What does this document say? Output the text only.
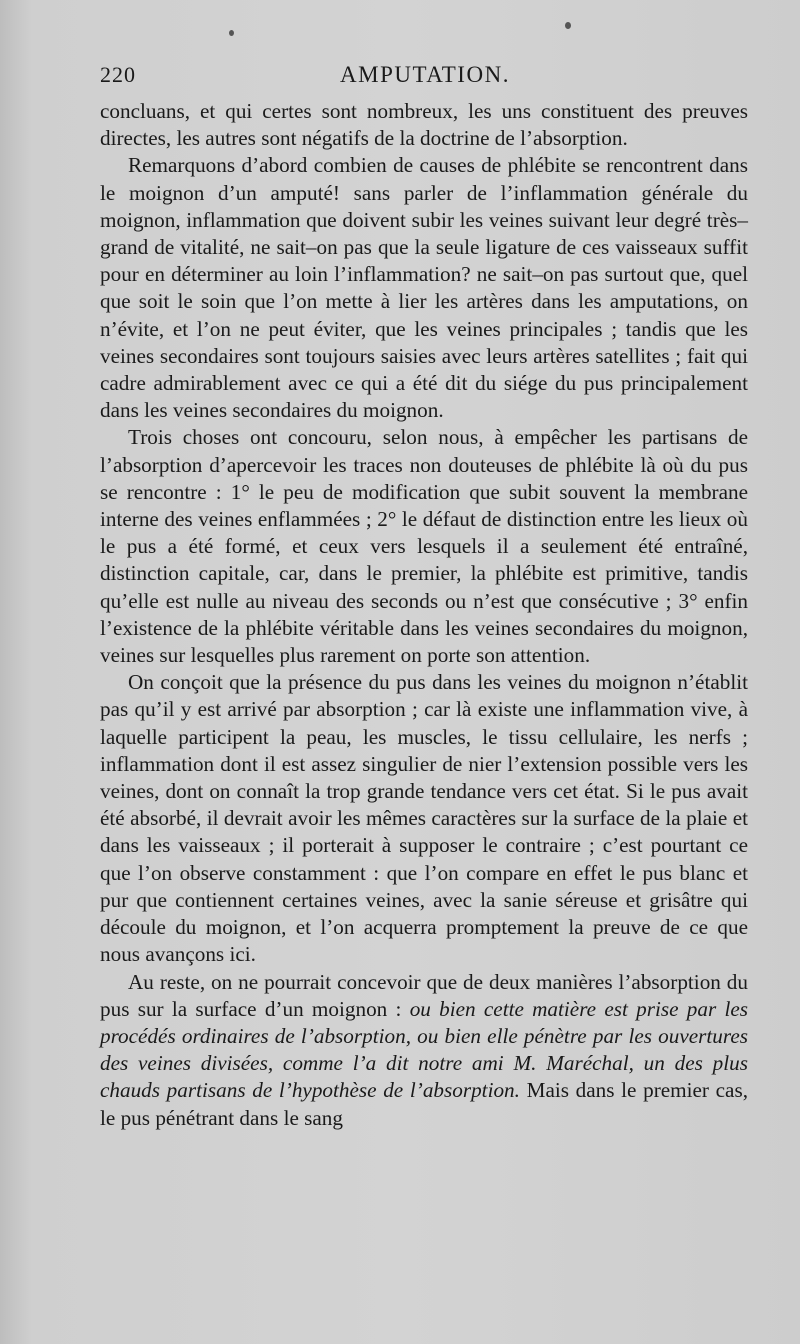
220	AMPUTATION.

concluans, et qui certes sont nombreux, les uns constituent des preuves directes, les autres sont négatifs de la doctrine de l’absorption.

Remarquons d’abord combien de causes de phlébite se rencontrent dans le moignon d’un amputé! sans parler de l’inflammation générale du moignon, inflammation que doivent subir les veines suivant leur degré très–grand de vitalité, ne sait–on pas que la seule ligature de ces vaisseaux suffit pour en déterminer au loin l’inflammation? ne sait–on pas surtout que, quel que soit le soin que l’on mette à lier les artères dans les amputations, on n’évite, et l’on ne peut éviter, que les veines principales ; tandis que les veines secondaires sont toujours saisies avec leurs artères satellites ; fait qui cadre admirablement avec ce qui a été dit du siége du pus principalement dans les veines secondaires du moignon.

Trois choses ont concouru, selon nous, à empêcher les partisans de l’absorption d’apercevoir les traces non douteuses de phlébite là où du pus se rencontre : 1° le peu de modification que subit souvent la membrane interne des veines enflammées ; 2° le défaut de distinction entre les lieux où le pus a été formé, et ceux vers lesquels il a seulement été entraîné, distinction capitale, car, dans le premier, la phlébite est primitive, tandis qu’elle est nulle au niveau des seconds ou n’est que consécutive ; 3° enfin l’existence de la phlébite véritable dans les veines secondaires du moignon, veines sur lesquelles plus rarement on porte son attention.

On conçoit que la présence du pus dans les veines du moignon n’établit pas qu’il y est arrivé par absorption ; car là existe une inflammation vive, à laquelle participent la peau, les muscles, le tissu cellulaire, les nerfs ; inflammation dont il est assez singulier de nier l’extension possible vers les veines, dont on connaît la trop grande tendance vers cet état. Si le pus avait été absorbé, il devrait avoir les mêmes caractères sur la surface de la plaie et dans les vaisseaux ; il porterait à supposer le contraire ; c’est pourtant ce que l’on observe constamment : que l’on compare en effet le pus blanc et pur que contiennent certaines veines, avec la sanie séreuse et grisâtre qui découle du moignon, et l’on acquerra promptement la preuve de ce que nous avançons ici.

Au reste, on ne pourrait concevoir que de deux manières l’absorption du pus sur la surface d’un moignon : ou bien cette matière est prise par les procédés ordinaires de l’absorption, ou bien elle pénètre par les ouvertures des veines divisées, comme l’a dit notre ami M. Maréchal, un des plus chauds partisans de l’hypothèse de l’absorption. Mais dans le premier cas, le pus pénétrant dans le sang
